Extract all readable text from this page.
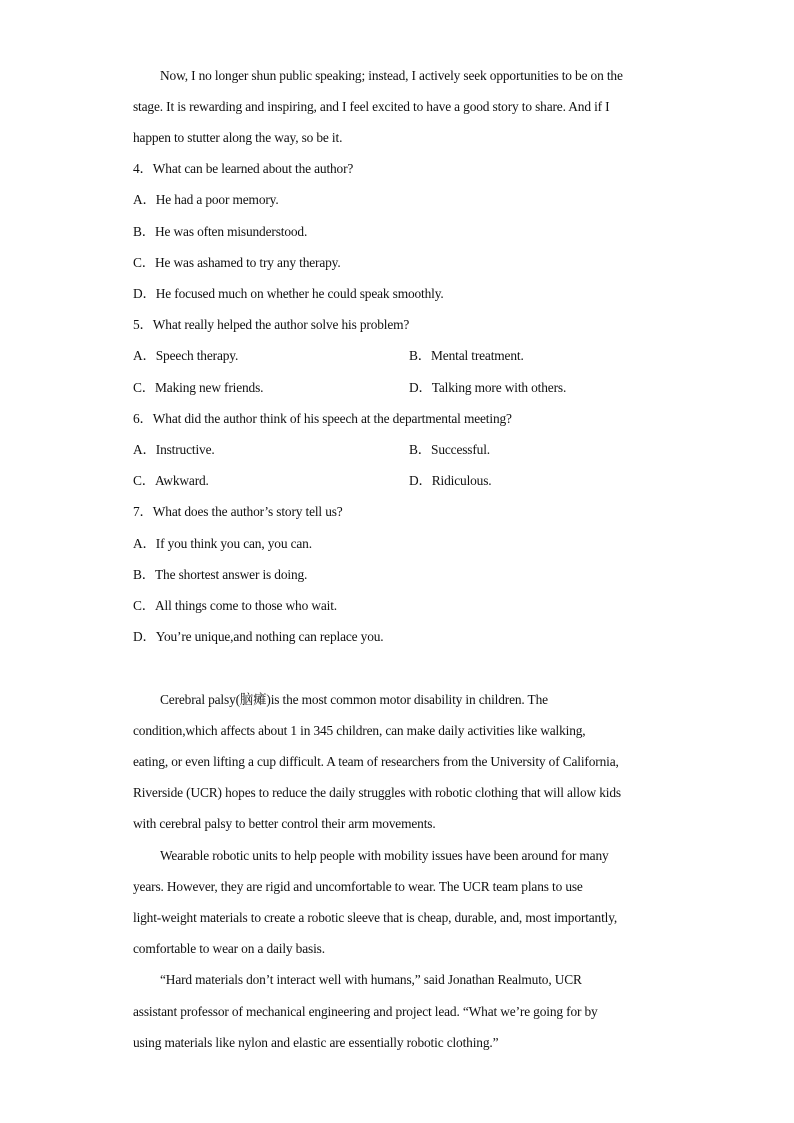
Now, I no longer shun public speaking; instead, I actively seek opportunities to be on the
stage. It is rewarding and inspiring, and I feel excited to have a good story to share. And if I
happen to stutter along the way, so be it.
4．What can be learned about the author?
A．He had a poor memory.
B．He was often misunderstood.
C．He was ashamed to try any therapy.
D．He focused much on whether he could speak smoothly.
5．What really helped the author solve his problem?
A．Speech therapy.	B．Mental treatment.
C．Making new friends.	D．Talking more with others.
6．What did the author think of his speech at the departmental meeting?
A．Instructive.	B．Successful.
C．Awkward.	D．Ridiculous.
7．What does the author’s story tell us?
A．If you think you can, you can.
B．The shortest answer is doing.
C．All things come to those who wait.
D．You’re unique,and nothing can replace you.
Cerebral palsy(脑瘫)is the most common motor disability in children. The
condition,which affects about 1 in 345 children, can make daily activities like walking,
eating, or even lifting a cup difficult. A team of researchers from the University of California,
Riverside (UCR) hopes to reduce the daily struggles with robotic clothing that will allow kids
with cerebral palsy to better control their arm movements.
Wearable robotic units to help people with mobility issues have been around for many
years. However, they are rigid and uncomfortable to wear. The UCR team plans to use
light-weight materials to create a robotic sleeve that is cheap, durable, and, most importantly,
comfortable to wear on a daily basis.
“Hard materials don’t interact well with humans,” said Jonathan Realmuto, UCR
assistant professor of mechanical engineering and project lead. “What we’re going for by
using materials like nylon and elastic are essentially robotic clothing.”
